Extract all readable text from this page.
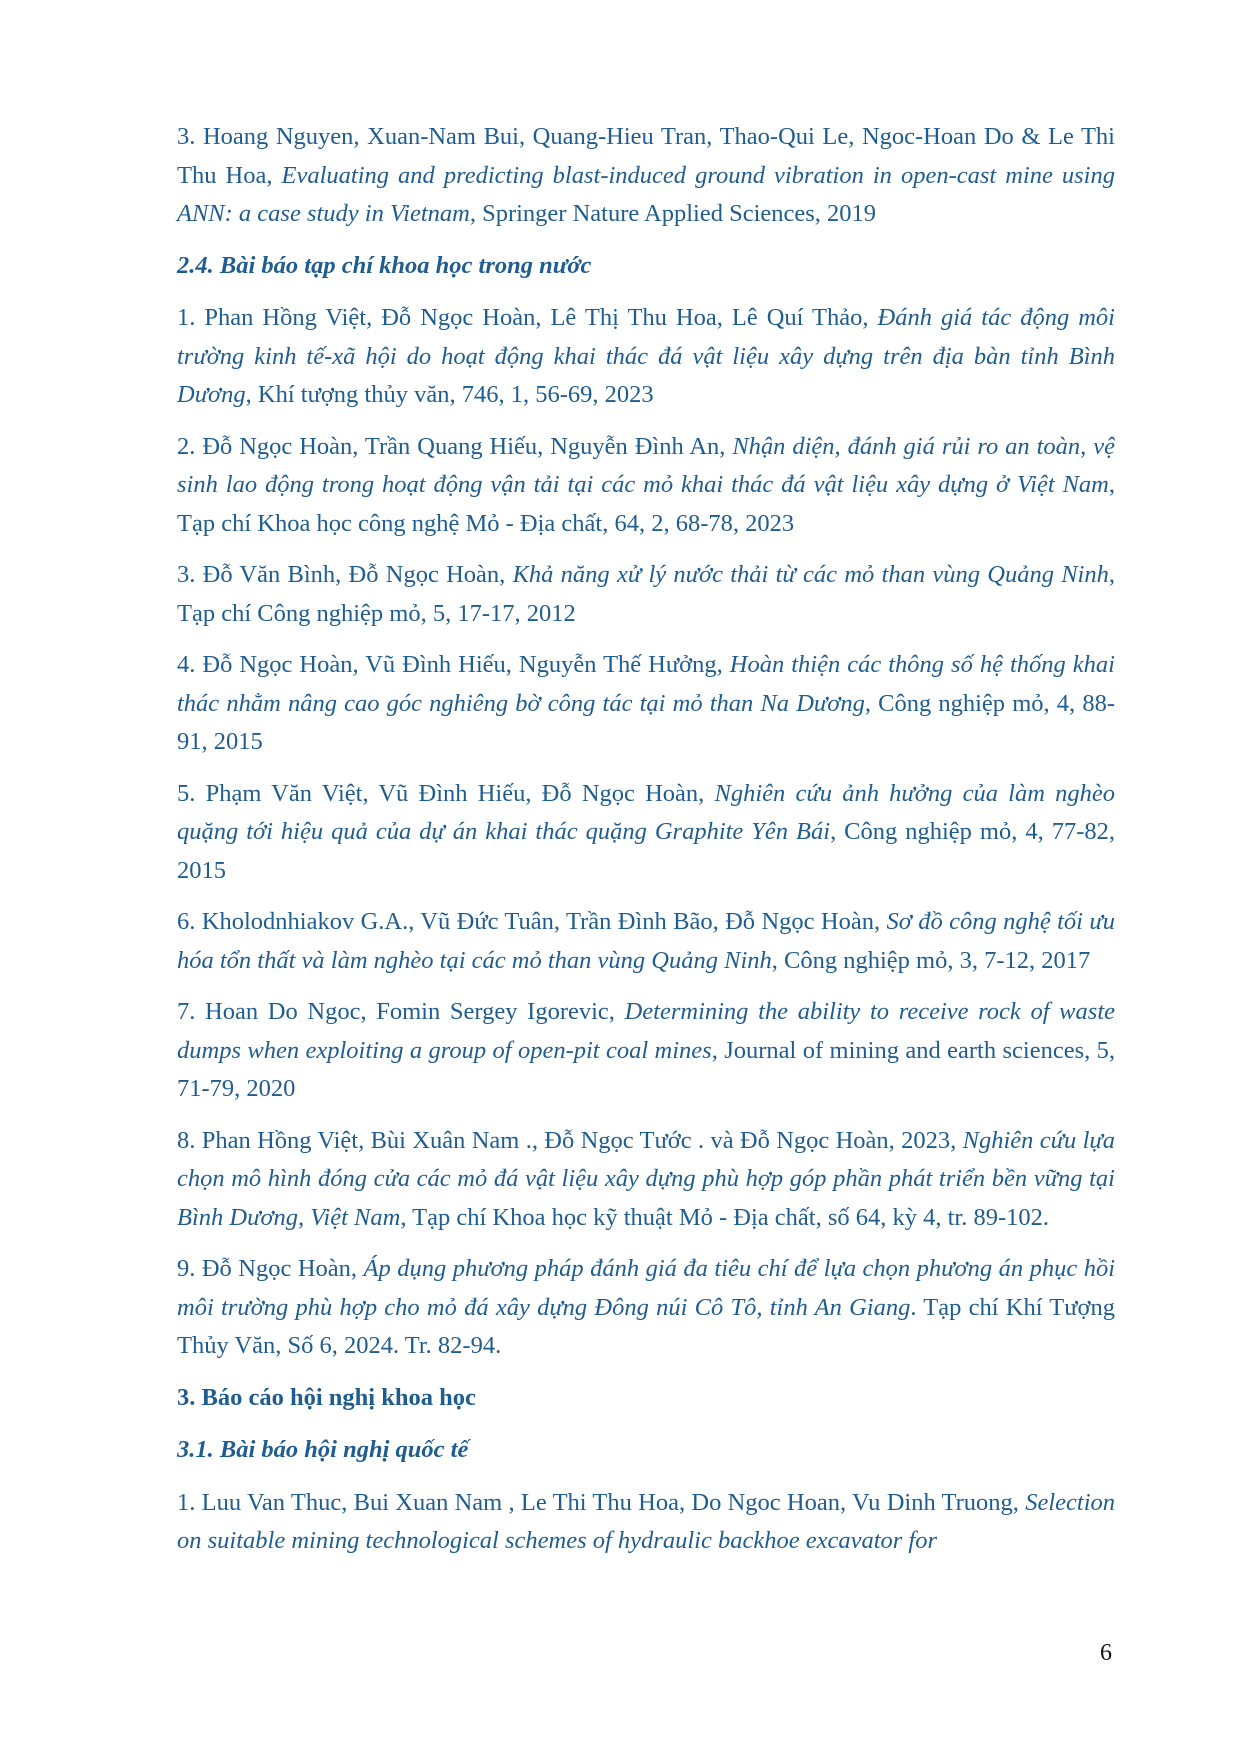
3. Hoang Nguyen, Xuan-Nam Bui, Quang-Hieu Tran, Thao-Qui Le, Ngoc-Hoan Do & Le Thi Thu Hoa, Evaluating and predicting blast-induced ground vibration in open-cast mine using ANN: a case study in Vietnam, Springer Nature Applied Sciences, 2019

2.4. Bài báo tạp chí khoa học trong nước

1. Phan Hồng Việt, Đỗ Ngọc Hoàn, Lê Thị Thu Hoa, Lê Quí Thảo, Đánh giá tác động môi trường kinh tế-xã hội do hoạt động khai thác đá vật liệu xây dựng trên địa bàn tỉnh Bình Dương, Khí tượng thủy văn, 746, 1, 56-69, 2023

2. Đỗ Ngọc Hoàn, Trần Quang Hiếu, Nguyễn Đình An, Nhận diện, đánh giá rủi ro an toàn, vệ sinh lao động trong hoạt động vận tải tại các mỏ khai thác đá vật liệu xây dựng ở Việt Nam, Tạp chí Khoa học công nghệ Mỏ - Địa chất, 64, 2, 68-78, 2023

3. Đỗ Văn Bình, Đỗ Ngọc Hoàn, Khả năng xử lý nước thải từ các mỏ than vùng Quảng Ninh, Tạp chí Công nghiệp mỏ, 5, 17-17, 2012

4. Đỗ Ngọc Hoàn, Vũ Đình Hiếu, Nguyễn Thế Hưởng, Hoàn thiện các thông số hệ thống khai thác nhằm nâng cao góc nghiêng bờ công tác tại mỏ than Na Dương, Công nghiệp mỏ, 4, 88-91, 2015

5. Phạm Văn Việt, Vũ Đình Hiếu, Đỗ Ngọc Hoàn, Nghiên cứu ảnh hưởng của làm nghèo quặng tới hiệu quả của dự án khai thác quặng Graphite Yên Bái, Công nghiệp mỏ, 4, 77-82, 2015

6. Kholodnhiakov G.A., Vũ Đức Tuân, Trần Đình Bão, Đỗ Ngọc Hoàn, Sơ đồ công nghệ tối ưu hóa tổn thất và làm nghèo tại các mỏ than vùng Quảng Ninh, Công nghiệp mỏ, 3, 7-12, 2017

7. Hoan Do Ngoc, Fomin Sergey Igorevic, Determining the ability to receive rock of waste dumps when exploiting a group of open-pit coal mines, Journal of mining and earth sciences, 5, 71-79, 2020

8. Phan Hồng Việt, Bùi Xuân Nam ., Đỗ Ngọc Tước . và Đỗ Ngọc Hoàn, 2023, Nghiên cứu lựa chọn mô hình đóng cửa các mỏ đá vật liệu xây dựng phù hợp góp phần phát triển bền vững tại Bình Dương, Việt Nam, Tạp chí Khoa học kỹ thuật Mỏ - Địa chất, số 64, kỳ 4, tr. 89-102.

9. Đỗ Ngọc Hoàn, Áp dụng phương pháp đánh giá đa tiêu chí để lựa chọn phương án phục hồi môi trường phù hợp cho mỏ đá xây dựng Đông núi Cô Tô, tỉnh An Giang. Tạp chí Khí Tượng Thủy Văn, Số 6, 2024. Tr. 82-94.

3. Báo cáo hội nghị khoa học

3.1. Bài báo hội nghị quốc tế

1. Luu Van Thuc, Bui Xuan Nam , Le Thi Thu Hoa, Do Ngoc Hoan, Vu Dinh Truong, Selection on suitable mining technological schemes of hydraulic backhoe excavator for

6
